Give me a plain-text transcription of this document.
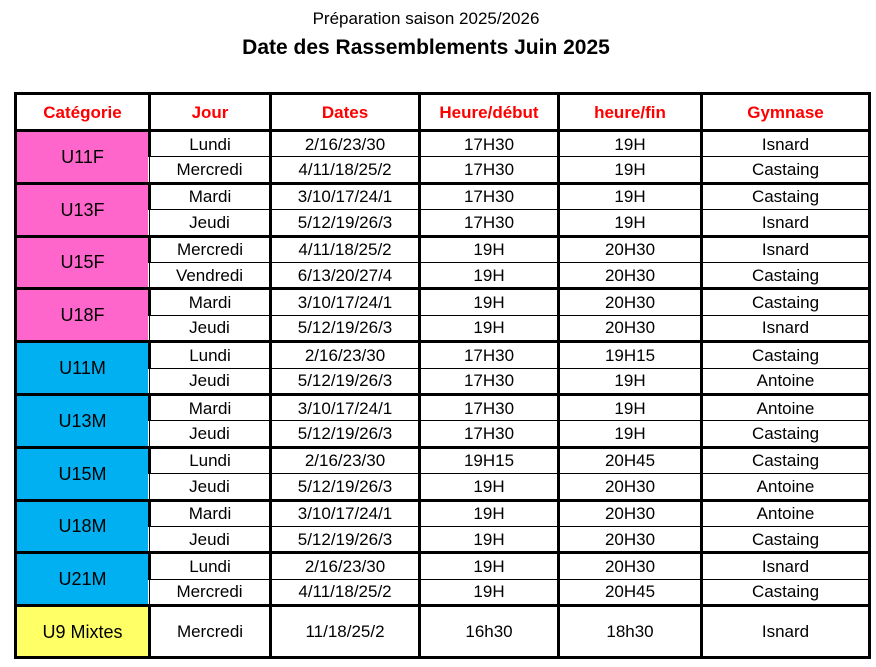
Préparation saison 2025/2026
Date des Rassemblements Juin 2025
Catégorie	Jour	Dates	Heure/début	heure/fin	Gymnase
U11F	Lundi	2/16/23/30	17H30	19H	Isnard
	Mercredi	4/11/18/25/2	17H30	19H	Castaing
U13F	Mardi	3/10/17/24/1	17H30	19H	Castaing
	Jeudi	5/12/19/26/3	17H30	19H	Isnard
U15F	Mercredi	4/11/18/25/2	19H	20H30	Isnard
	Vendredi	6/13/20/27/4	19H	20H30	Castaing
U18F	Mardi	3/10/17/24/1	19H	20H30	Castaing
	Jeudi	5/12/19/26/3	19H	20H30	Isnard
U11M	Lundi	2/16/23/30	17H30	19H15	Castaing
	Jeudi	5/12/19/26/3	17H30	19H	Antoine
U13M	Mardi	3/10/17/24/1	17H30	19H	Antoine
	Jeudi	5/12/19/26/3	17H30	19H	Castaing
U15M	Lundi	2/16/23/30	19H15	20H45	Castaing
	Jeudi	5/12/19/26/3	19H	20H30	Antoine
U18M	Mardi	3/10/17/24/1	19H	20H30	Antoine
	Jeudi	5/12/19/26/3	19H	20H30	Castaing
U21M	Lundi	2/16/23/30	19H	20H30	Isnard
	Mercredi	4/11/18/25/2	19H	20H45	Castaing
U9 Mixtes	Mercredi	11/18/25/2	16h30	18h30	Isnard
